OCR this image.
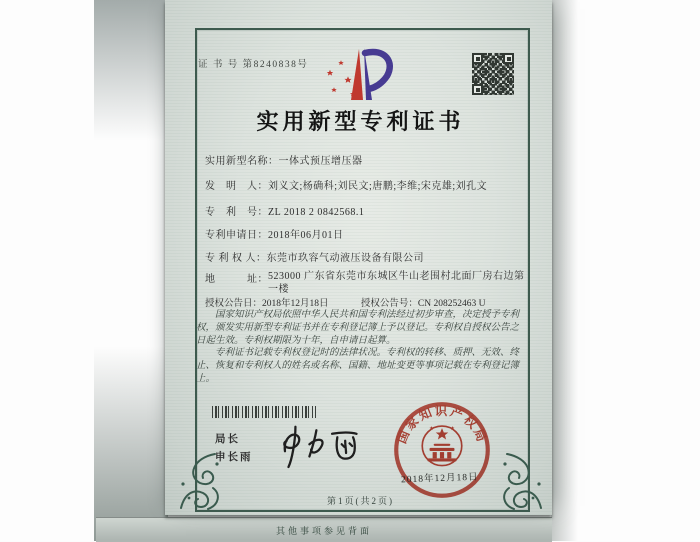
证 书 号 第8240838号
实用新型专利证书
实用新型名称：一体式预压增压器
发　明　人：刘义文;杨确科;刘民文;唐鹏;李维;宋克雄;刘孔文
专　利　号：ZL 2018 2 0842568.1
专利申请日：2018年06月01日
专 利 权 人：东莞市玖容气动液压设备有限公司
地　　　址： 523000 广东省东莞市东城区牛山老围村北面厂房右边第一楼
授权公告日：2018年12月18日	授权公告号：CN 208252463 U

国家知识产权局依照中华人民共和国专利法经过初步审查，决定授予专利权，颁发实用新型专利证书并在专利登记簿上予以登记。专利权自授权公告之日起生效。专利权期限为十年，自申请日起算。

专利证书记载专利权登记时的法律状况。专利权的转移、质押、无效、终止、恢复和专利权人的姓名或名称、国籍、地址变更等事项记载在专利登记簿上。

局长
申长雨
国家知识产权局
2018年12月18日
第1页(共2页)
其他事项参见背面
